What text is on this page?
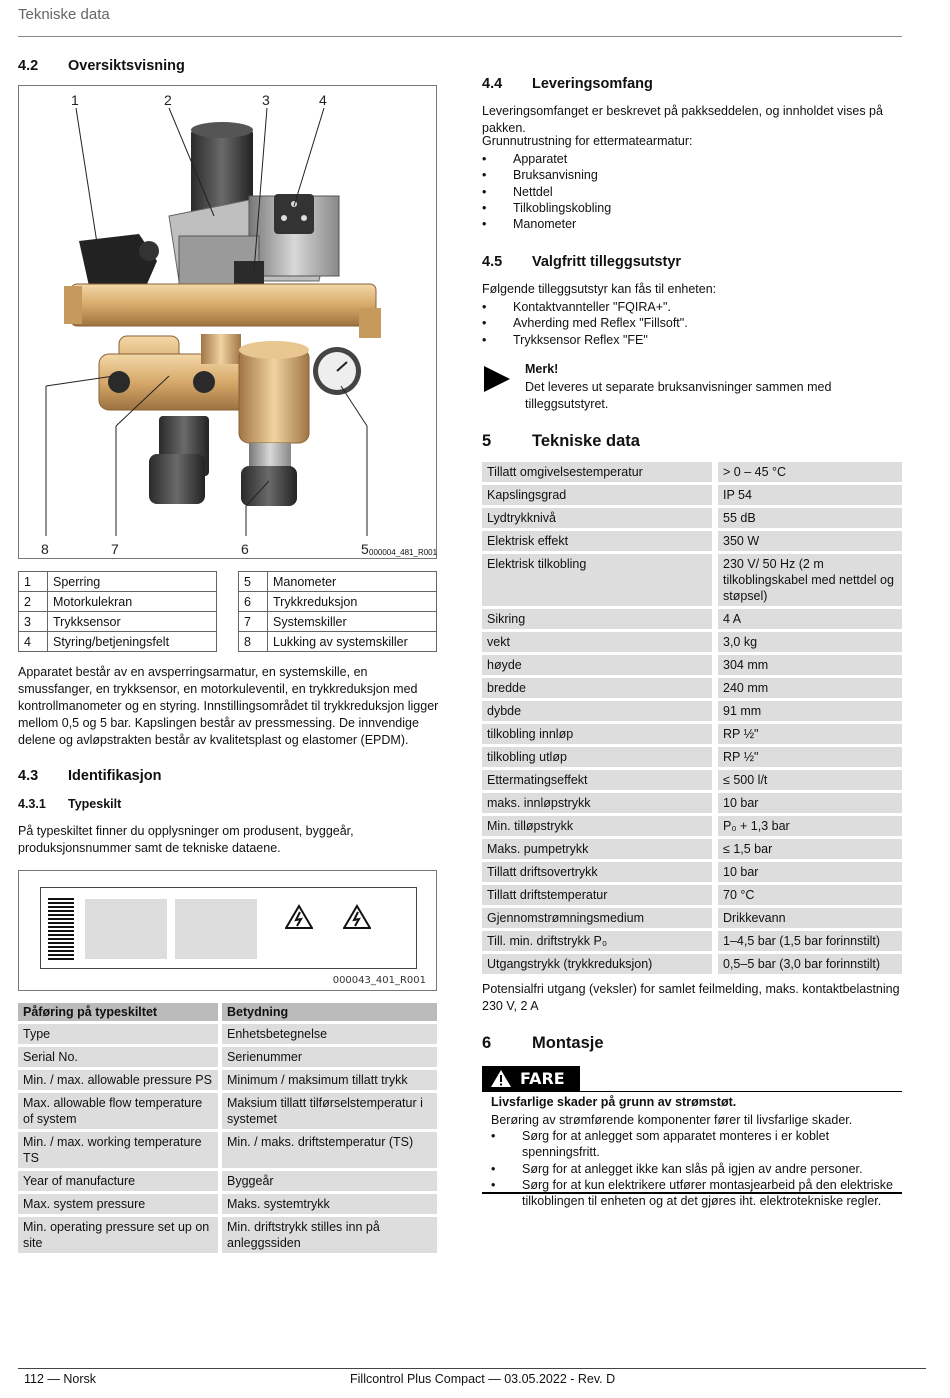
Tekniske data
4.2 Oversiktsvisning
1	2	3	4
8	7	6	5 000004_481_R001
1	Sperring
2	Motorkulekran
3	Trykksensor
4	Styring/betjeningsfelt
5	Manometer
6	Trykkreduksjon
7	Systemskiller
8	Lukking av systemskiller

Apparatet består av en avsperringsarmatur, en systemskille, en smussfanger, en trykksensor, en motorkuleventil, en trykkreduksjon med kontrollmanometer og en styring. Innstillingsområdet til trykkreduksjon ligger mellom 0,5 og 5 bar. Kapslingen består av pressmessing. De innvendige delene og avløpstrakten består av kvalitetsplast og elastomer (EPDM).

4.3 Identifikasjon
4.3.1 Typeskilt

På typeskiltet finner du opplysninger om produsent, byggeår, produksjonsnummer samt de tekniske dataene.

000043_401_R001
Påføring på typeskiltet	Betydning
Type	Enhetsbetegnelse
Serial No.	Serienummer
Min. / max. allowable pressure PS	Minimum / maksimum tillatt trykk
Max. allowable flow temperature of system	Maksium tillatt tilførselstemperatur i systemet
Min. / max. working temperature TS	Min. / maks. driftstemperatur (TS)
Year of manufacture	Byggeår
Max. system pressure	Maks. systemtrykk
Min. operating pressure set up on site	Min. driftstrykk stilles inn på anleggssiden
4.4 Leveringsomfang

Leveringsomfanget er beskrevet på pakkseddelen, og innholdet vises på pakken.

Grunnutrustning for ettermatearmatur:

• Apparatet
• Bruksanvisning
• Nettdel
• Tilkoblingskobling
• Manometer
4.5 Valgfritt tilleggsutstyr

Følgende tilleggsutstyr kan fås til enheten:

• Kontaktvannteller "FQIRA+".
• Avherding med Reflex "Fillsoft".
• Trykksensor Reflex "FE"
Merk!

Det leveres ut separate bruksanvisninger sammen med tilleggsutstyret.

5 Tekniske data
Tillatt omgivelsestemperatur	> 0 – 45 °C
Kapslingsgrad	IP 54
Lydtrykknivå	55 dB
Elektrisk effekt	350 W
Elektrisk tilkobling	230 V/ 50 Hz (2 m tilkoblingskabel med nettdel og støpsel)
Sikring	4 A
vekt	3,0 kg
høyde	304 mm
bredde	240 mm
dybde	91 mm
tilkobling innløp	RP ½"
tilkobling utløp	RP ½"
Ettermatingseffekt	≤ 500 l/t
maks. innløpstrykk	10 bar
Min. tilløpstrykk	P₀ + 1,3 bar
Maks. pumpetrykk	≤ 1,5 bar
Tillatt driftsovertrykk	10 bar
Tillatt driftstemperatur	70 °C
Gjennomstrømningsmedium	Drikkevann
Till. min. driftstrykk P₀	1–4,5 bar (1,5 bar forinnstilt)
Utgangstrykk (trykkreduksjon)	0,5–5 bar (3,0 bar forinnstilt)

Potensialfri utgang (veksler) for samlet feilmelding, maks. kontaktbelastning 230 V, 2 A

6 Montasje
FARE
Livsfarlige skader på grunn av strømstøt.

Berøring av strømførende komponenter fører til livsfarlige skader.

• Sørg for at anlegget som apparatet monteres i er koblet spenningsfritt.
• Sørg for at anlegget ikke kan slås på igjen av andre personer.
• Sørg for at kun elektrikere utfører montasjearbeid på den elektriske tilkoblingen til enheten og at det gjøres iht. elektrotekniske regler.
112 — Norsk	Fillcontrol Plus Compact — 03.05.2022 - Rev. D
